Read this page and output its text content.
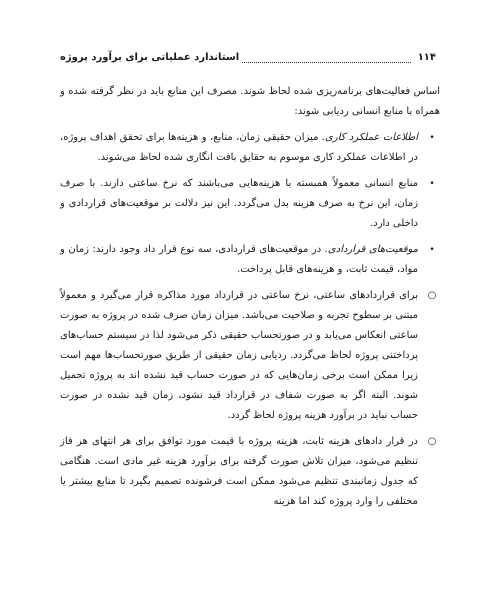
۱۱۴
استاندارد عملیاتی برای برآورد پروژه

اساس فعالیت‌های برنامه‌ریزی شده لحاظ شوند. مصرف این منابع باید در نظر گرفته شده و همراه با منابع انسانی ردیابی شوند:

•
اطلاعات عملکرد کاری. میزان حقیقی زمان، منابع، و هزینه‌ها برای تحقق اهداف پروژه، در اطلاعات عملکرد کاری موسوم به حقایق بافت انگاری شده لحاظ می‌شوند.
•
منابع انسانی معمولاً همبسته با هزینه‌هایی می‌باشند که نرخ ساعتی دارند. با صرف زمان، این نرخ به صرف هزینه بدل می‌گردد. این نیز دلالت بر موقعیت‌های قراردادی و داخلی دارد.
•
موقعیت‌های قراردادی. در موقعیت‌های قراردادی، سه نوع قرار داد وجود دارند: زمان و مواد، قیمت ثابت، و هزینه‌های قابل پرداخت.
○
برای قراردادهای ساعتی، نرخ ساعتی در قرارداد مورد مذاکره قرار می‌گیرد و معمولاً مبتنی بر سطوح تجربه و صلاحیت می‌باشد. میزان زمان صرف شده در پروژه به صورت ساعتی انعکاس می‌یابد و در صورتحساب حقیقی ذکر می‌شود لذا در سیستم حساب‌های پرداختنی پروژه لحاظ می‌گردد. ردیابی زمان حقیقی از طریق صورتحساب‌ها مهم است زیرا ممکن است برخی زمان‌هایی که در صورت حساب قید نشده اند به پروژه تحمیل شوند. البته اگر به صورت شفاف در قرارداد قید نشود، زمان قید نشده در صورت حساب نباید در برآورد هزینه پروژه لحاظ گردد.
○
در قرار دادهای هزینه ثابت، هزینه پروژه با قیمت مورد توافق برای هر انتهای هر فاز تنظیم می‌شود، میزان تلاش صورت گرفته برای برآورد هزینه غیر مادی است. هنگامی که جدول زمانبندی تنظیم می‌شود ممکن است فرشونده تصمیم بگیرد تا منابع بیشتر یا مختلفی را وارد پروژه کند اما هزینه
